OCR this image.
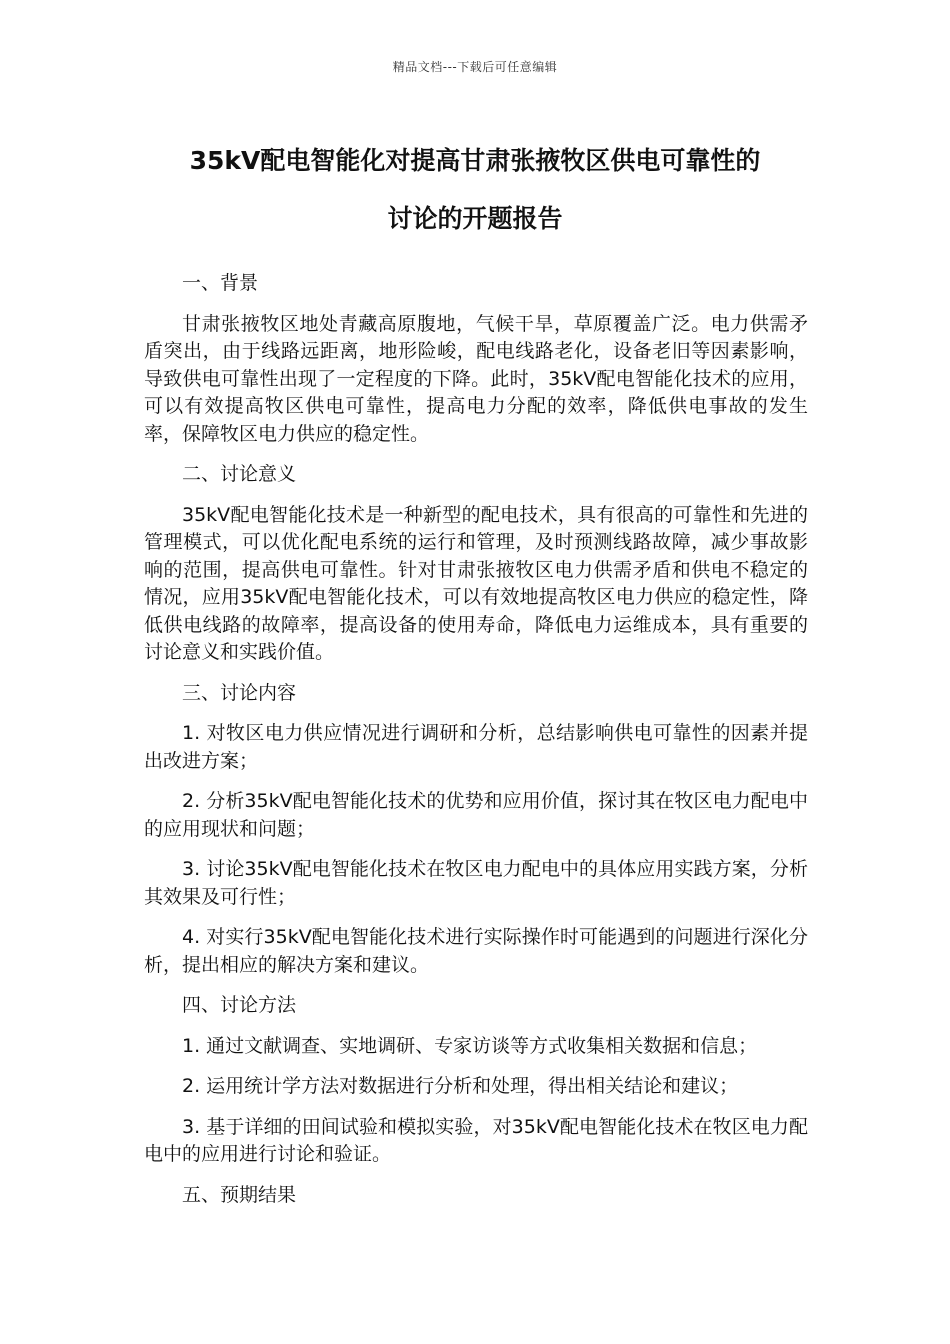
精品文档---下载后可任意编辑
35kV配电智能化对提高甘肃张掖牧区供电可靠性的
讨论的开题报告

一、背景

甘肃张掖牧区地处青藏高原腹地，气候干旱，草原覆盖广泛。电力供需矛盾突出，由于线路远距离，地形险峻，配电线路老化，设备老旧等因素影响，导致供电可靠性出现了一定程度的下降。此时，35kV配电智能化技术的应用，可以有效提高牧区供电可靠性，提高电力分配的效率，降低供电事故的发生率，保障牧区电力供应的稳定性。

二、讨论意义

35kV配电智能化技术是一种新型的配电技术，具有很高的可靠性和先进的管理模式，可以优化配电系统的运行和管理，及时预测线路故障，减少事故影响的范围，提高供电可靠性。针对甘肃张掖牧区电力供需矛盾和供电不稳定的情况，应用35kV配电智能化技术，可以有效地提高牧区电力供应的稳定性，降低供电线路的故障率，提高设备的使用寿命，降低电力运维成本，具有重要的讨论意义和实践价值。

三、讨论内容

1. 对牧区电力供应情况进行调研和分析，总结影响供电可靠性的因素并提出改进方案；

2. 分析35kV配电智能化技术的优势和应用价值，探讨其在牧区电力配电中的应用现状和问题；

3. 讨论35kV配电智能化技术在牧区电力配电中的具体应用实践方案，分析其效果及可行性；

4. 对实行35kV配电智能化技术进行实际操作时可能遇到的问题进行深化分析，提出相应的解决方案和建议。

四、讨论方法

1. 通过文献调查、实地调研、专家访谈等方式收集相关数据和信息；

2. 运用统计学方法对数据进行分析和处理，得出相关结论和建议；

3. 基于详细的田间试验和模拟实验，对35kV配电智能化技术在牧区电力配电中的应用进行讨论和验证。

五、预期结果
